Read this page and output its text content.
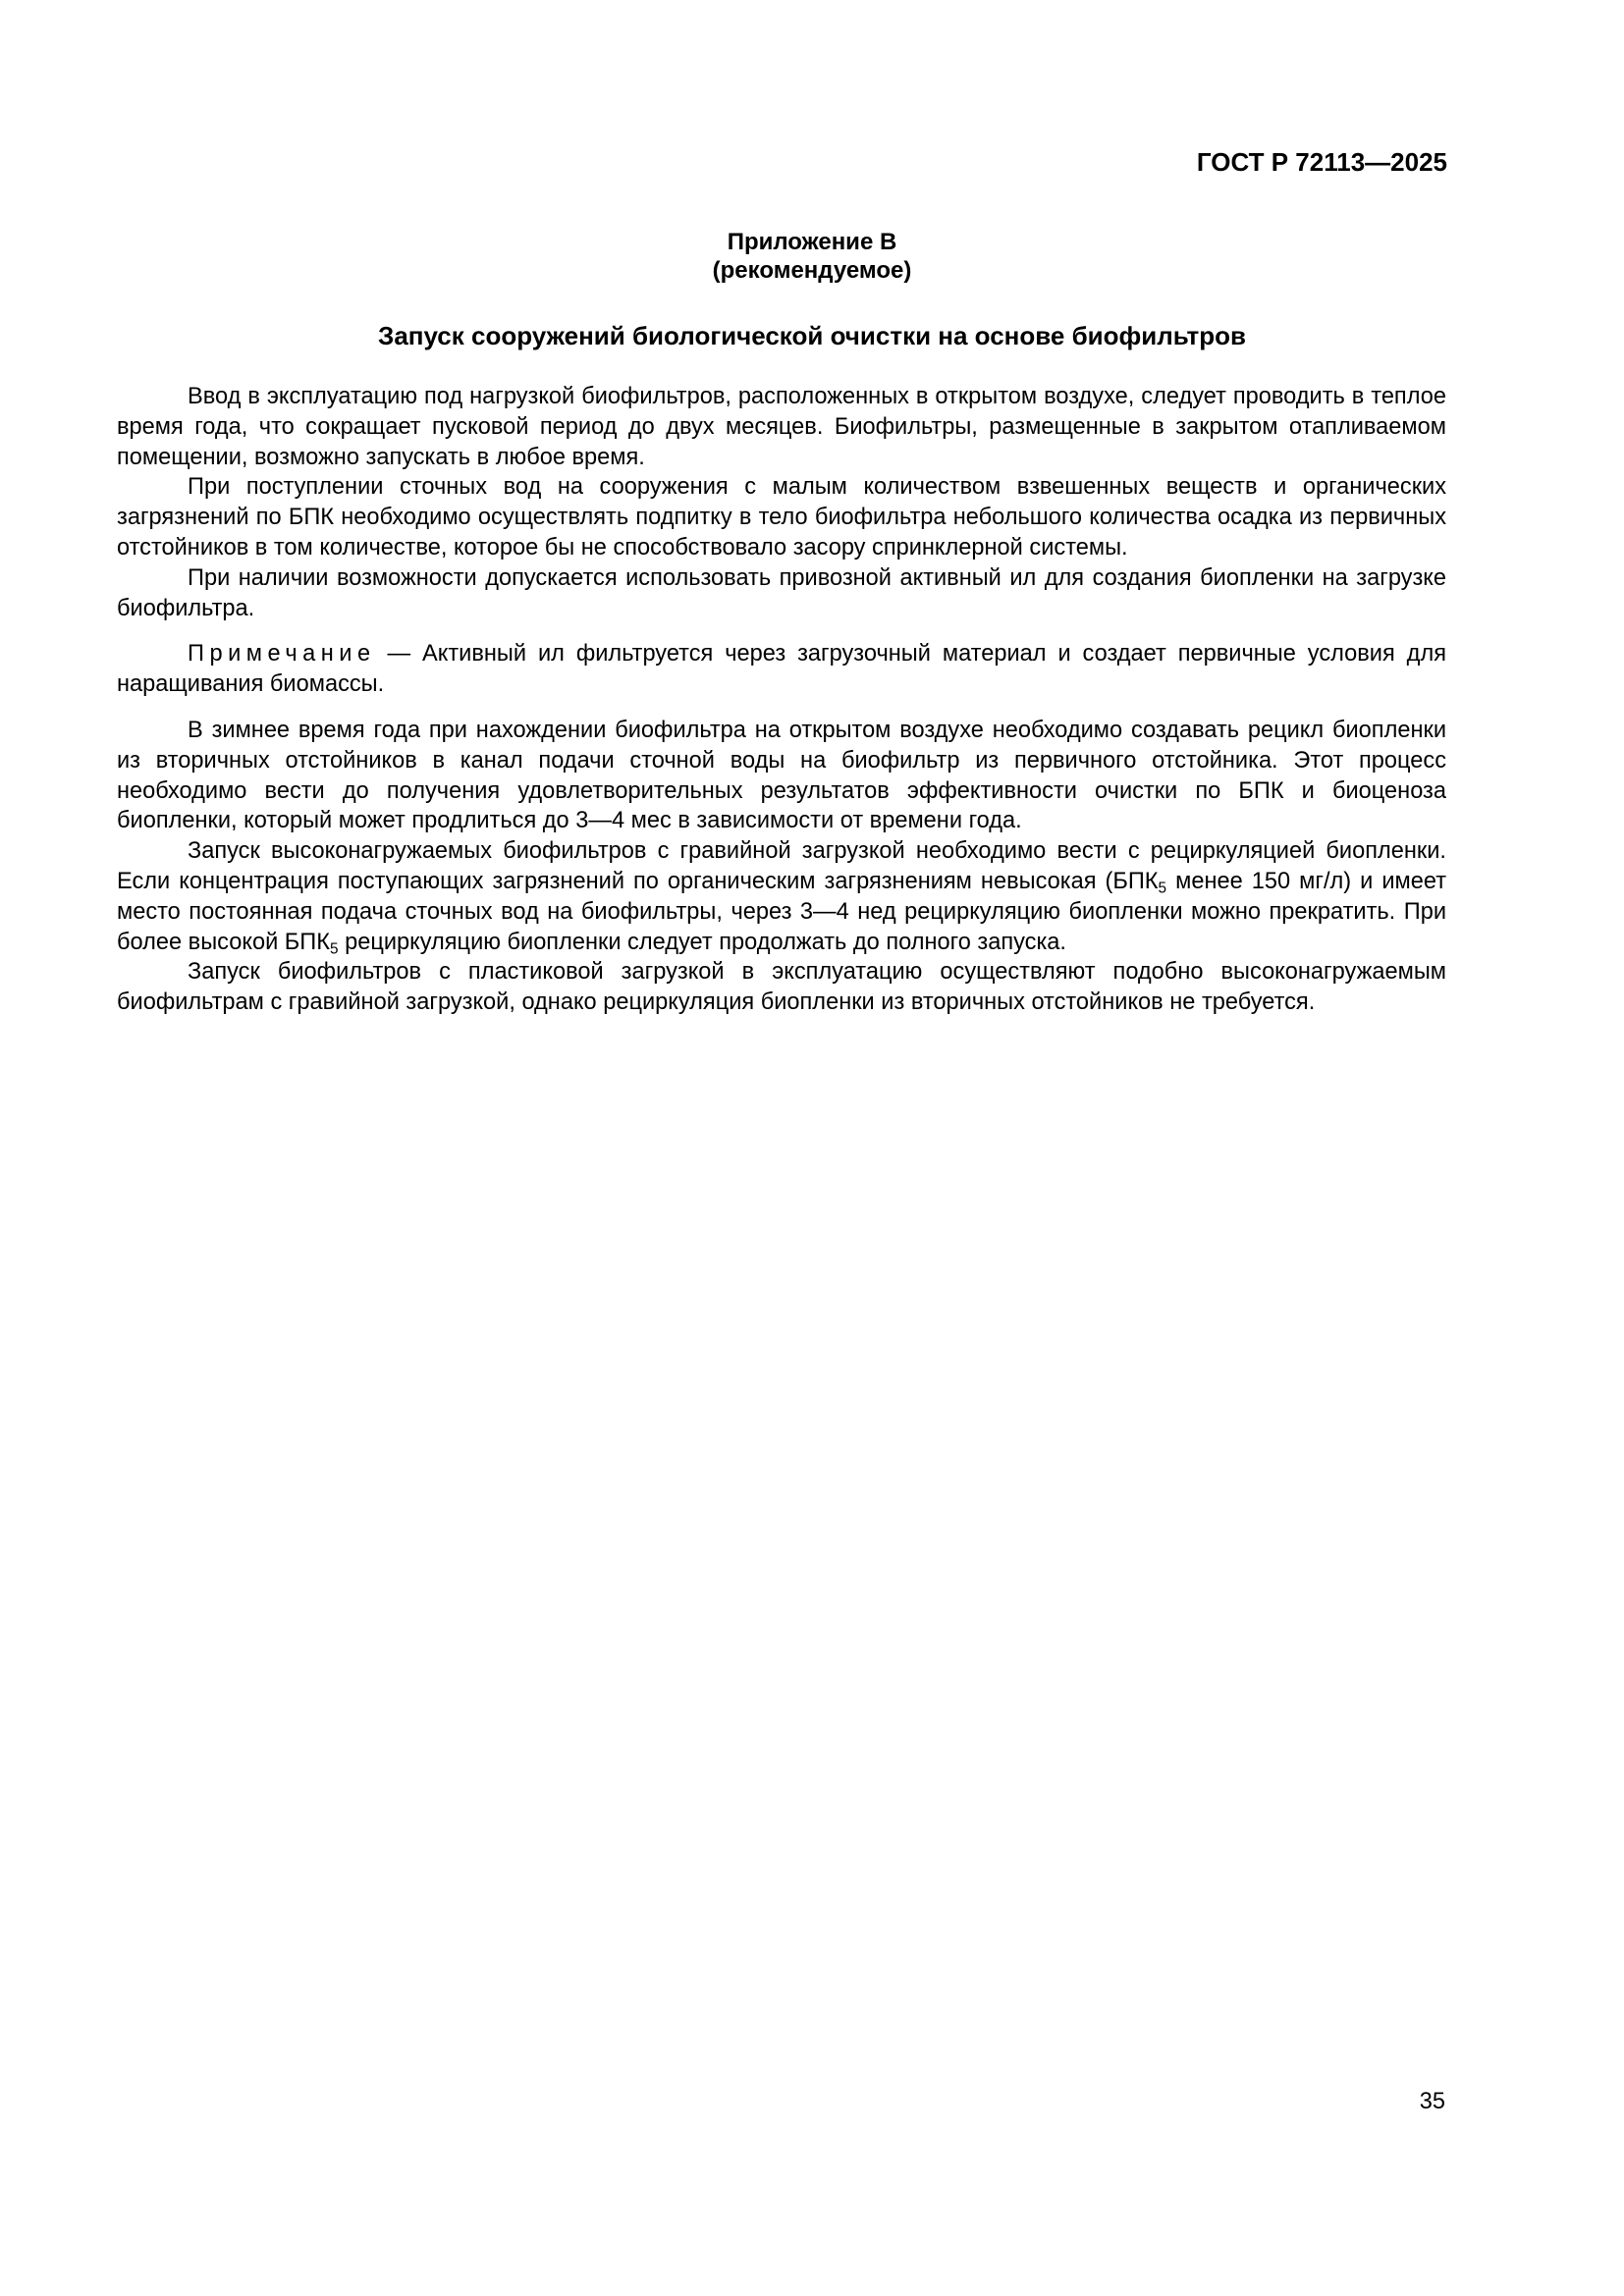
ГОСТ Р 72113—2025
Приложение В
(рекомендуемое)
Запуск сооружений биологической очистки на основе биофильтров

Ввод в эксплуатацию под нагрузкой биофильтров, расположенных в открытом воздухе, следует проводить в теплое время года, что сокращает пусковой период до двух месяцев. Биофильтры, размещенные в закрытом отапливаемом помещении, возможно запускать в любое время.

При поступлении сточных вод на сооружения с малым количеством взвешенных веществ и органических загрязнений по БПК необходимо осуществлять подпитку в тело биофильтра небольшого количества осадка из первичных отстойников в том количестве, которое бы не способствовало засору спринклерной системы.

При наличии возможности допускается использовать привозной активный ил для создания биопленки на загрузке биофильтра.

Примечание — Активный ил фильтруется через загрузочный материал и создает первичные условия для наращивания биомассы.

В зимнее время года при нахождении биофильтра на открытом воздухе необходимо создавать рецикл биопленки из вторичных отстойников в канал подачи сточной воды на биофильтр из первичного отстойника. Этот процесс необходимо вести до получения удовлетворительных результатов эффективности очистки по БПК и биоценоза биопленки, который может продлиться до 3—4 мес в зависимости от времени года.

Запуск высоконагружаемых биофильтров с гравийной загрузкой необходимо вести с рециркуляцией биопленки. Если концентрация поступающих загрязнений по органическим загрязнениям невысокая ($БПК_5$ менее 150 мг/л) и имеет место постоянная подача сточных вод на биофильтры, через 3—4 нед рециркуляцию биопленки можно прекратить. При более высокой $БПК_5$ рециркуляцию биопленки следует продолжать до полного запуска.

Запуск биофильтров с пластиковой загрузкой в эксплуатацию осуществляют подобно высоконагружаемым биофильтрам с гравийной загрузкой, однако рециркуляция биопленки из вторичных отстойников не требуется.

35
